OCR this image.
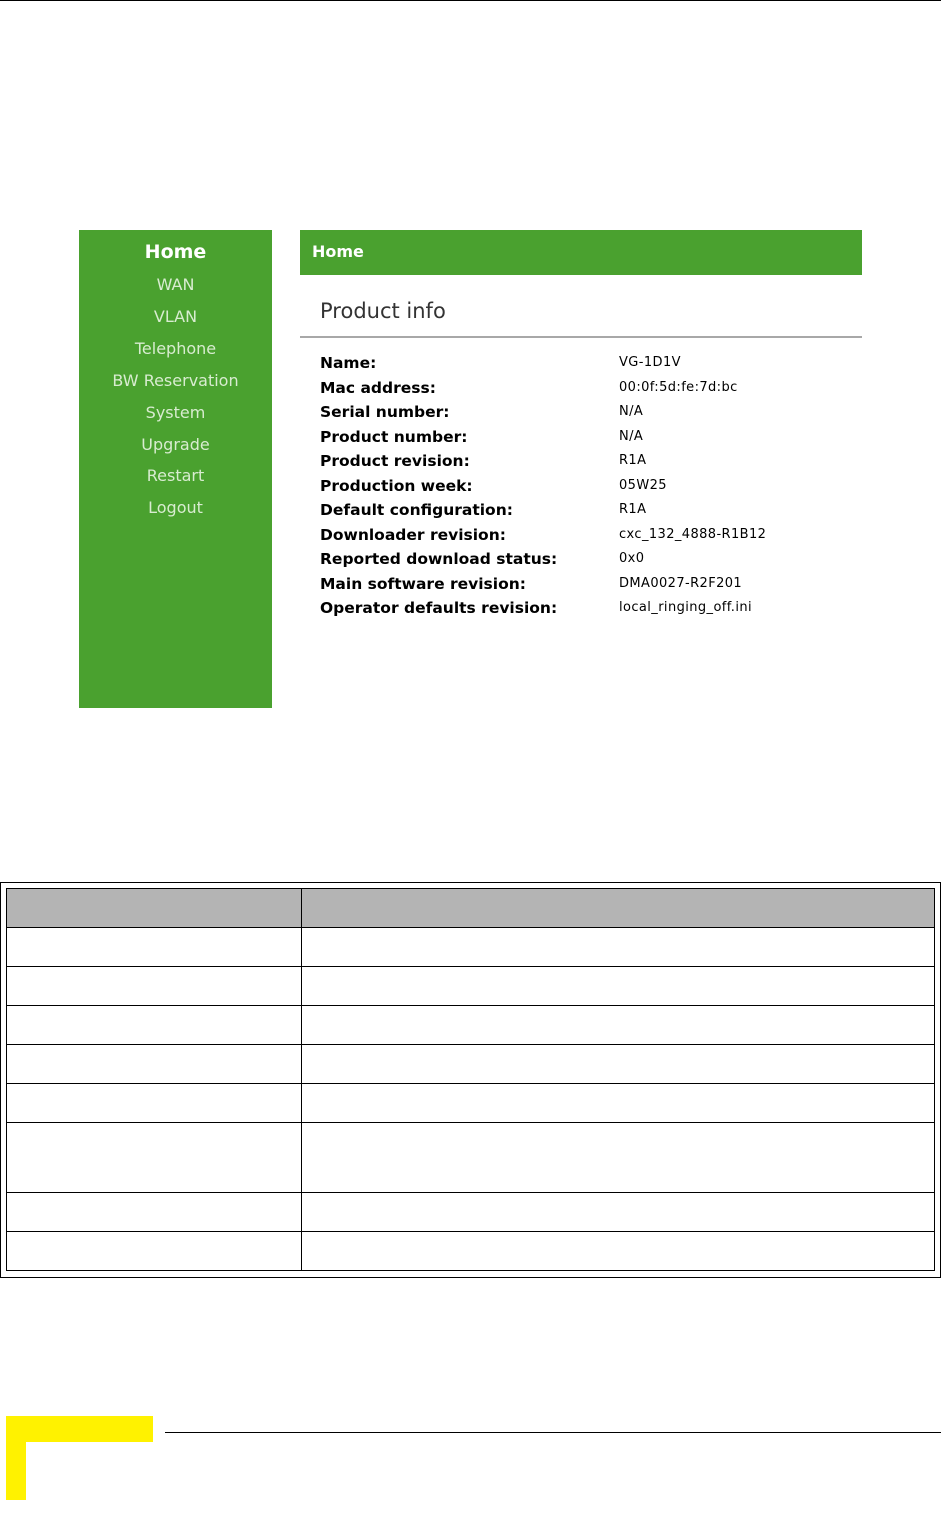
Home
WAN
VLAN
Telephone
BW Reservation
System
Upgrade
Restart
Logout
Home
Product info
Name:	VG-1D1V
Mac address:	00:0f:5d:fe:7d:bc
Serial number:	N/A
Product number:	N/A
Product revision:	R1A
Production week:	05W25
Default configuration:	R1A
Downloader revision:	cxc_132_4888-R1B12
Reported download status:	0x0
Main software revision:	DMA0027-R2F201
Operator defaults revision:	local_ringing_off.ini
